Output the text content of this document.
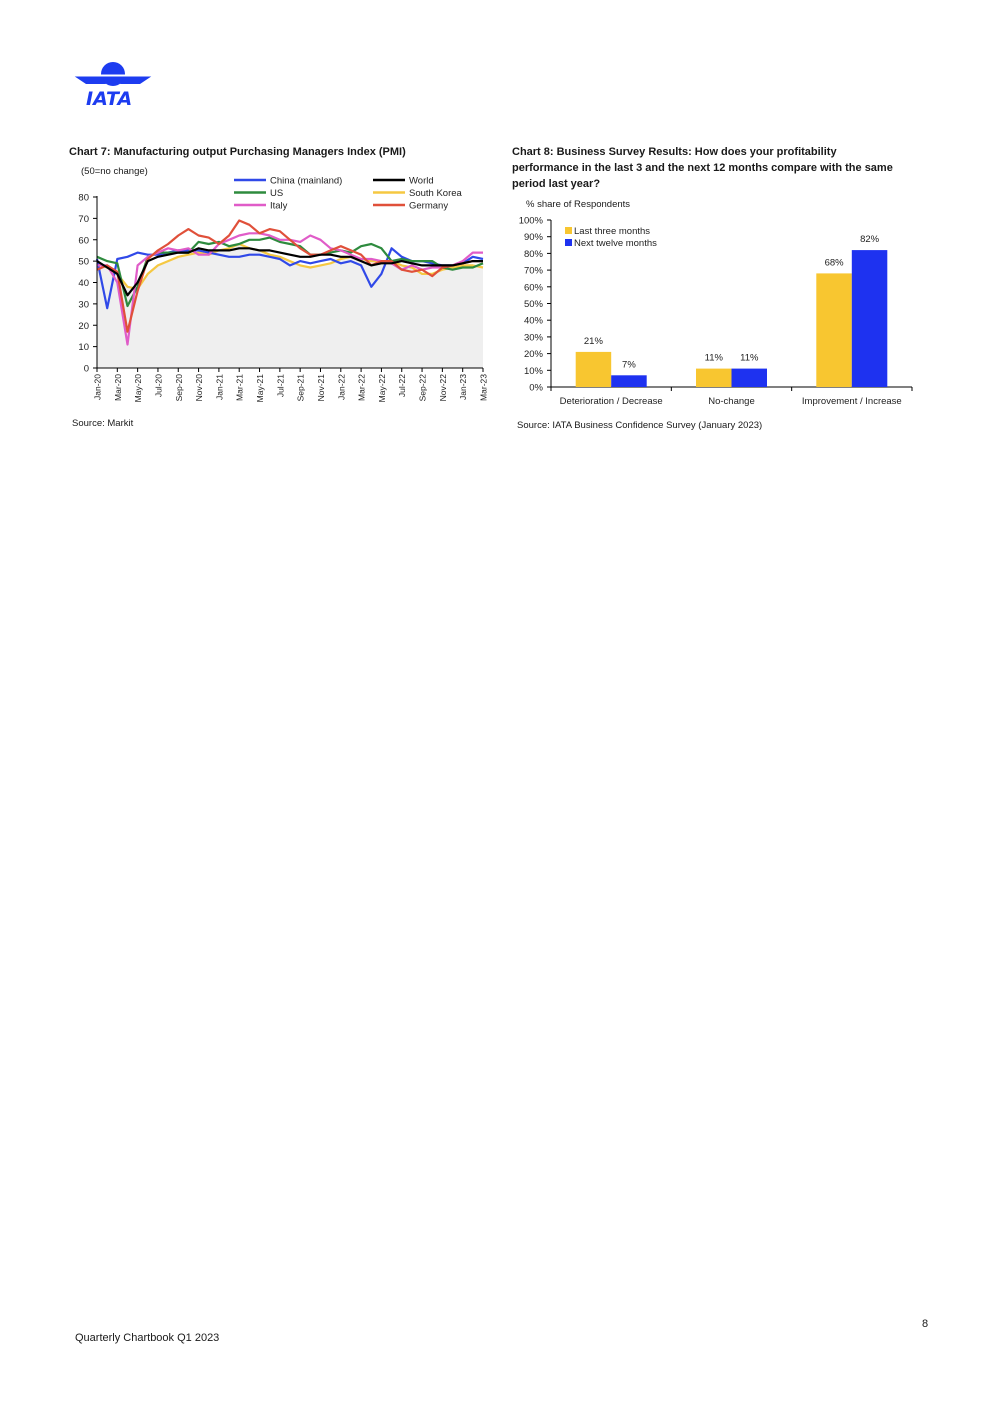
IATA
Chart 7: Manufacturing output Purchasing Managers Index (PMI)
(50=no change)
China (mainland)	World
US	South Korea
Italy	Germany
0
10
20
30
40
50
60
70
80
Jan-20 Mar-20 May-20 Jul-20 Sep-20 Nov-20 Jan-21 Mar-21 May-21 Jul-21 Sep-21 Nov-21 Jan-22 Mar-22 May-22 Jul-22 Sep-22 Nov-22 Jan-23 Mar-23
Source: Markit
Chart 8: Business Survey Results: How does your profitability
performance in the last 3 and the next 12 months compare with the same
period last year?
% share of Respondents
0%
10%
20%
30%
40%
50%
60%
70%
80%
90%
100%
Deterioration / Decrease	No-change	Improvement / Increase
21%
7%
11% 11%
68%
82%
Last three months
Next twelve months
Source: IATA Business Confidence Survey (January 2023)
8
Quarterly Chartbook Q1 2023
